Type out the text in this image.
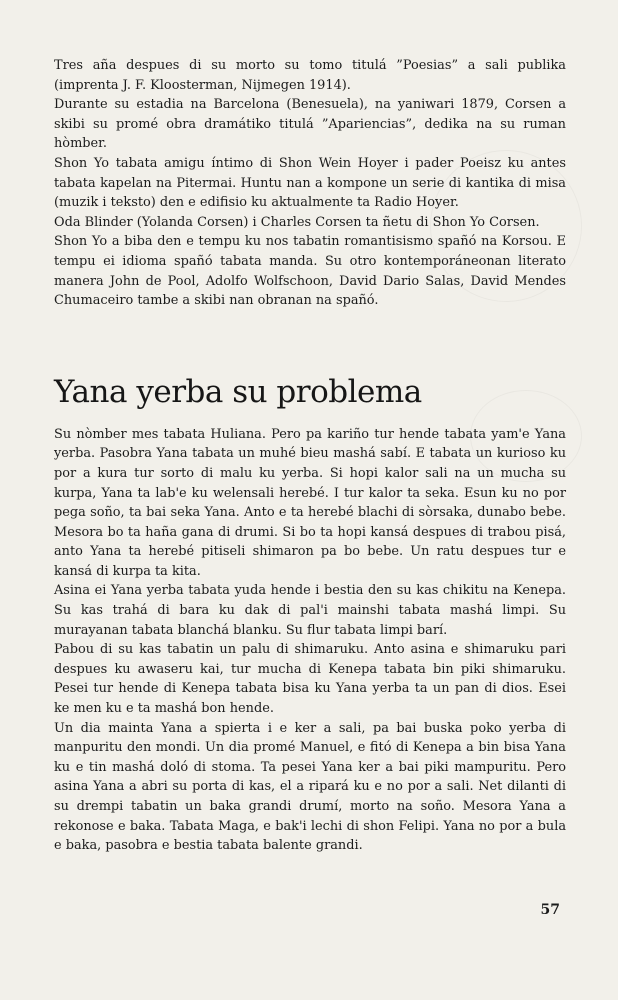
Tres aña despues di su morto su tomo titulá ”Poesias” a sali publika (imprenta J. F. Kloosterman, Nijmegen 1914).

Durante su estadia na Barcelona (Benesuela), na yaniwari 1879, Corsen a skibi su promé obra dramátiko titulá ”Apariencias”, dedika na su ruman hòmber.

Shon Yo tabata amigu íntimo di Shon Wein Hoyer i pader Poeisz ku antes tabata kapelan na Pitermai. Huntu nan a kompone un serie di kantika di misa (muzik i teksto) den e edifisio ku aktualmente ta Radio Hoyer.

Oda Blinder (Yolanda Corsen) i Charles Corsen ta ñetu di Shon Yo Corsen.

Shon Yo a biba den e tempu ku nos tabatin romantisismo spañó na Korsou. E tempu ei idioma spañó tabata manda. Su otro kontemporáneonan literato manera John de Pool, Adolfo Wolfschoon, David Dario Salas, David Mendes Chumaceiro tambe a skibi nan obranan na spañó.

Yana yerba su problema

Su nòmber mes tabata Huliana. Pero pa kariño tur hende tabata yam'e Yana yerba. Pasobra Yana tabata un muhé bieu mashá sabí. E tabata un kurioso ku por a kura tur sorto di malu ku yerba. Si hopi kalor sali na un mucha su kurpa, Yana ta lab'e ku welensali herebé. I tur kalor ta seka. Esun ku no por pega soño, ta bai seka Yana. Anto e ta herebé blachi di sòrsaka, dunabo bebe. Mesora bo ta haña gana di drumi. Si bo ta hopi kansá despues di trabou pisá, anto Yana ta herebé pitiseli shimaron pa bo bebe. Un ratu despues tur e kansá di kurpa ta kita.

Asina ei Yana yerba tabata yuda hende i bestia den su kas chikitu na Kenepa. Su kas trahá di bara ku dak di pal'i mainshi tabata mashá limpi. Su murayanan tabata blanchá blanku. Su flur tabata limpi barí.

Pabou di su kas tabatin un palu di shimaruku. Anto asina e shimaruku pari despues ku awaseru kai, tur mucha di Kenepa tabata bin piki shimaruku. Pesei tur hende di Kenepa tabata bisa ku Yana yerba ta un pan di dios. Esei ke men ku e ta mashá bon hende.

Un dia mainta Yana a spierta i e ker a sali, pa bai buska poko yerba di manpuritu den mondi. Un dia promé Manuel, e fitó di Kenepa a bin bisa Yana ku e tin mashá doló di stoma. Ta pesei Yana ker a bai piki mampuritu. Pero asina Yana a abri su porta di kas, el a ripará ku e no por a sali. Net dilanti di su drempi tabatin un baka grandi drumí, morto na soño. Mesora Yana a rekonose e baka. Tabata Maga, e bak'i lechi di shon Felipi. Yana no por a bula e baka, pasobra e bestia tabata balente grandi.

57
